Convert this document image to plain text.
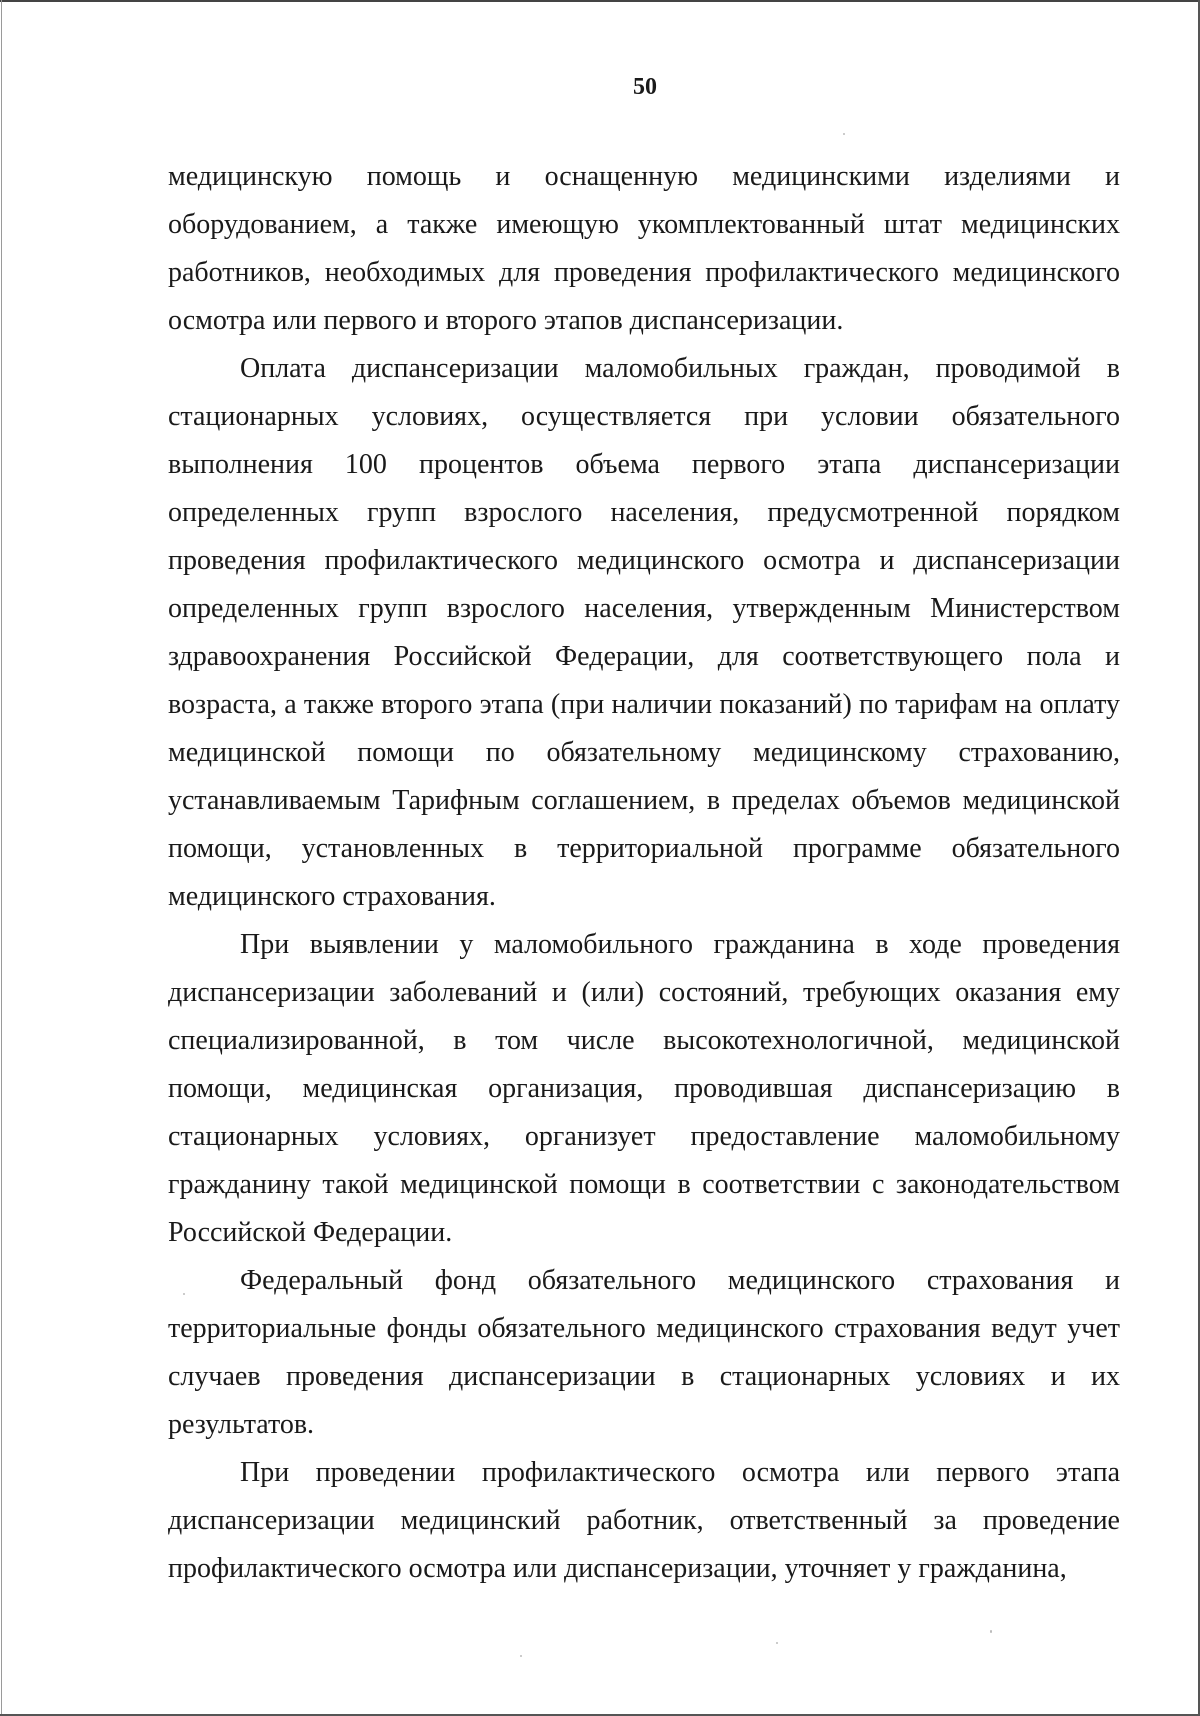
50

медицинскую помощь и оснащенную медицинскими изделиями и оборудованием, а также имеющую укомплектованный штат медицинских работников, необходимых для проведения профилактического медицинского осмотра или первого и второго этапов диспансеризации.

Оплата диспансеризации маломобильных граждан, проводимой в стационарных условиях, осуществляется при условии обязательного выполнения 100 процентов объема первого этапа диспансеризации определенных групп взрослого населения, предусмотренной порядком проведения профилактического медицинского осмотра и диспансеризации определенных групп взрослого населения, утвержденным Министерством здравоохранения Российской Федерации, для соответствующего пола и возраста, а также второго этапа (при наличии показаний) по тарифам на оплату медицинской помощи по обязательному медицинскому страхованию, устанавливаемым Тарифным соглашением, в пределах объемов медицинской помощи, установленных в территориальной программе обязательного медицинского страхования.

При выявлении у маломобильного гражданина в ходе проведения диспансеризации заболеваний и (или) состояний, требующих оказания ему специализированной, в том числе высокотехнологичной, медицинской помощи, медицинская организация, проводившая диспансеризацию в стационарных условиях, организует предоставление маломобильному гражданину такой медицинской помощи в соответствии с законодательством Российской Федерации.

Федеральный фонд обязательного медицинского страхования и территориальные фонды обязательного медицинского страхования ведут учет случаев проведения диспансеризации в стационарных условиях и их результатов.

При проведении профилактического осмотра или первого этапа диспансеризации медицинский работник, ответственный за проведение профилактического осмотра или диспансеризации, уточняет у гражданина,
